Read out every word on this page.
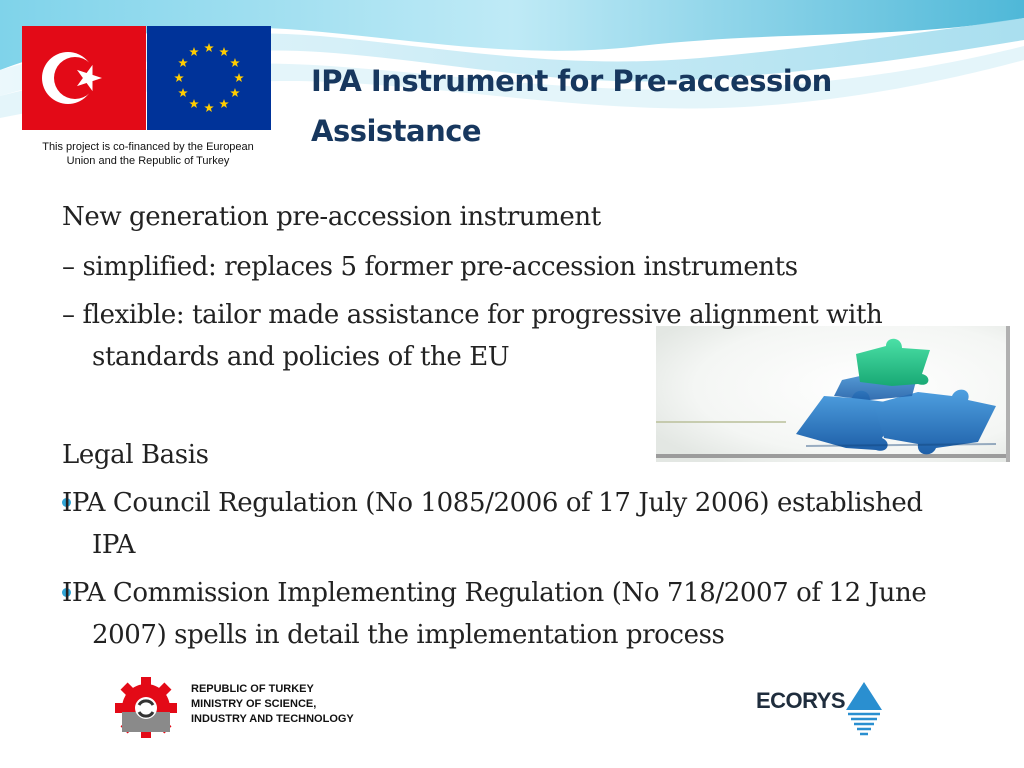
This project is co-financed by the European
Union and the Republic of Turkey
IPA Instrument for Pre-accession
Assistance
New generation pre-accession instrument
– simplified: replaces 5 former pre-accession instruments
– flexible: tailor made assistance for progressive alignment with standards and policies of the EU
Legal Basis
IPA Council Regulation (No 1085/2006 of 17 July 2006) established IPA
IPA Commission Implementing Regulation (No 718/2007 of 12 June 2007) spells in detail the implementation process
REPUBLIC OF TURKEY
MINISTRY OF SCIENCE,
INDUSTRY AND TECHNOLOGY
ECORYS
